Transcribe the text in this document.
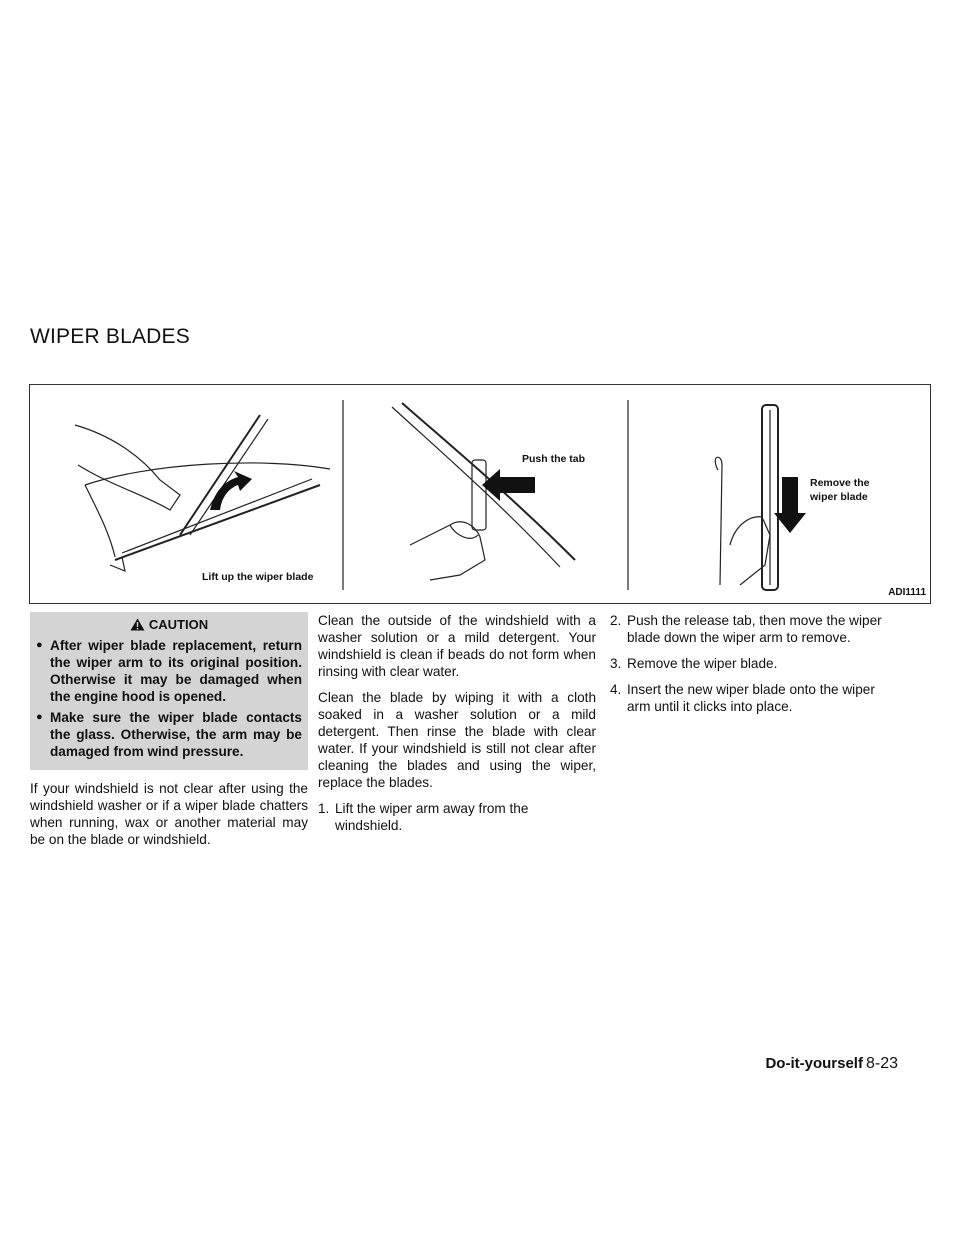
WIPER BLADES
Lift up the wiper blade
Push the tab
Remove the
wiper blade
ADI1111
CAUTION
● After wiper blade replacement, return the wiper arm to its original position. Otherwise it may be damaged when the engine hood is opened.
● Make sure the wiper blade contacts the glass. Otherwise, the arm may be damaged from wind pressure.

If your windshield is not clear after using the windshield washer or if a wiper blade chatters when running, wax or another material may be on the blade or windshield.

Clean the outside of the windshield with a washer solution or a mild detergent. Your windshield is clean if beads do not form when rinsing with clear water.

Clean the blade by wiping it with a cloth soaked in a washer solution or a mild detergent. Then rinse the blade with clear water. If your windshield is still not clear after cleaning the blades and using the wiper, replace the blades.

1. Lift the wiper arm away from the windshield.
2. Push the release tab, then move the wiper blade down the wiper arm to remove.
3. Remove the wiper blade.
4. Insert the new wiper blade onto the wiper arm until it clicks into place.
Do-it-yourself 8-23
